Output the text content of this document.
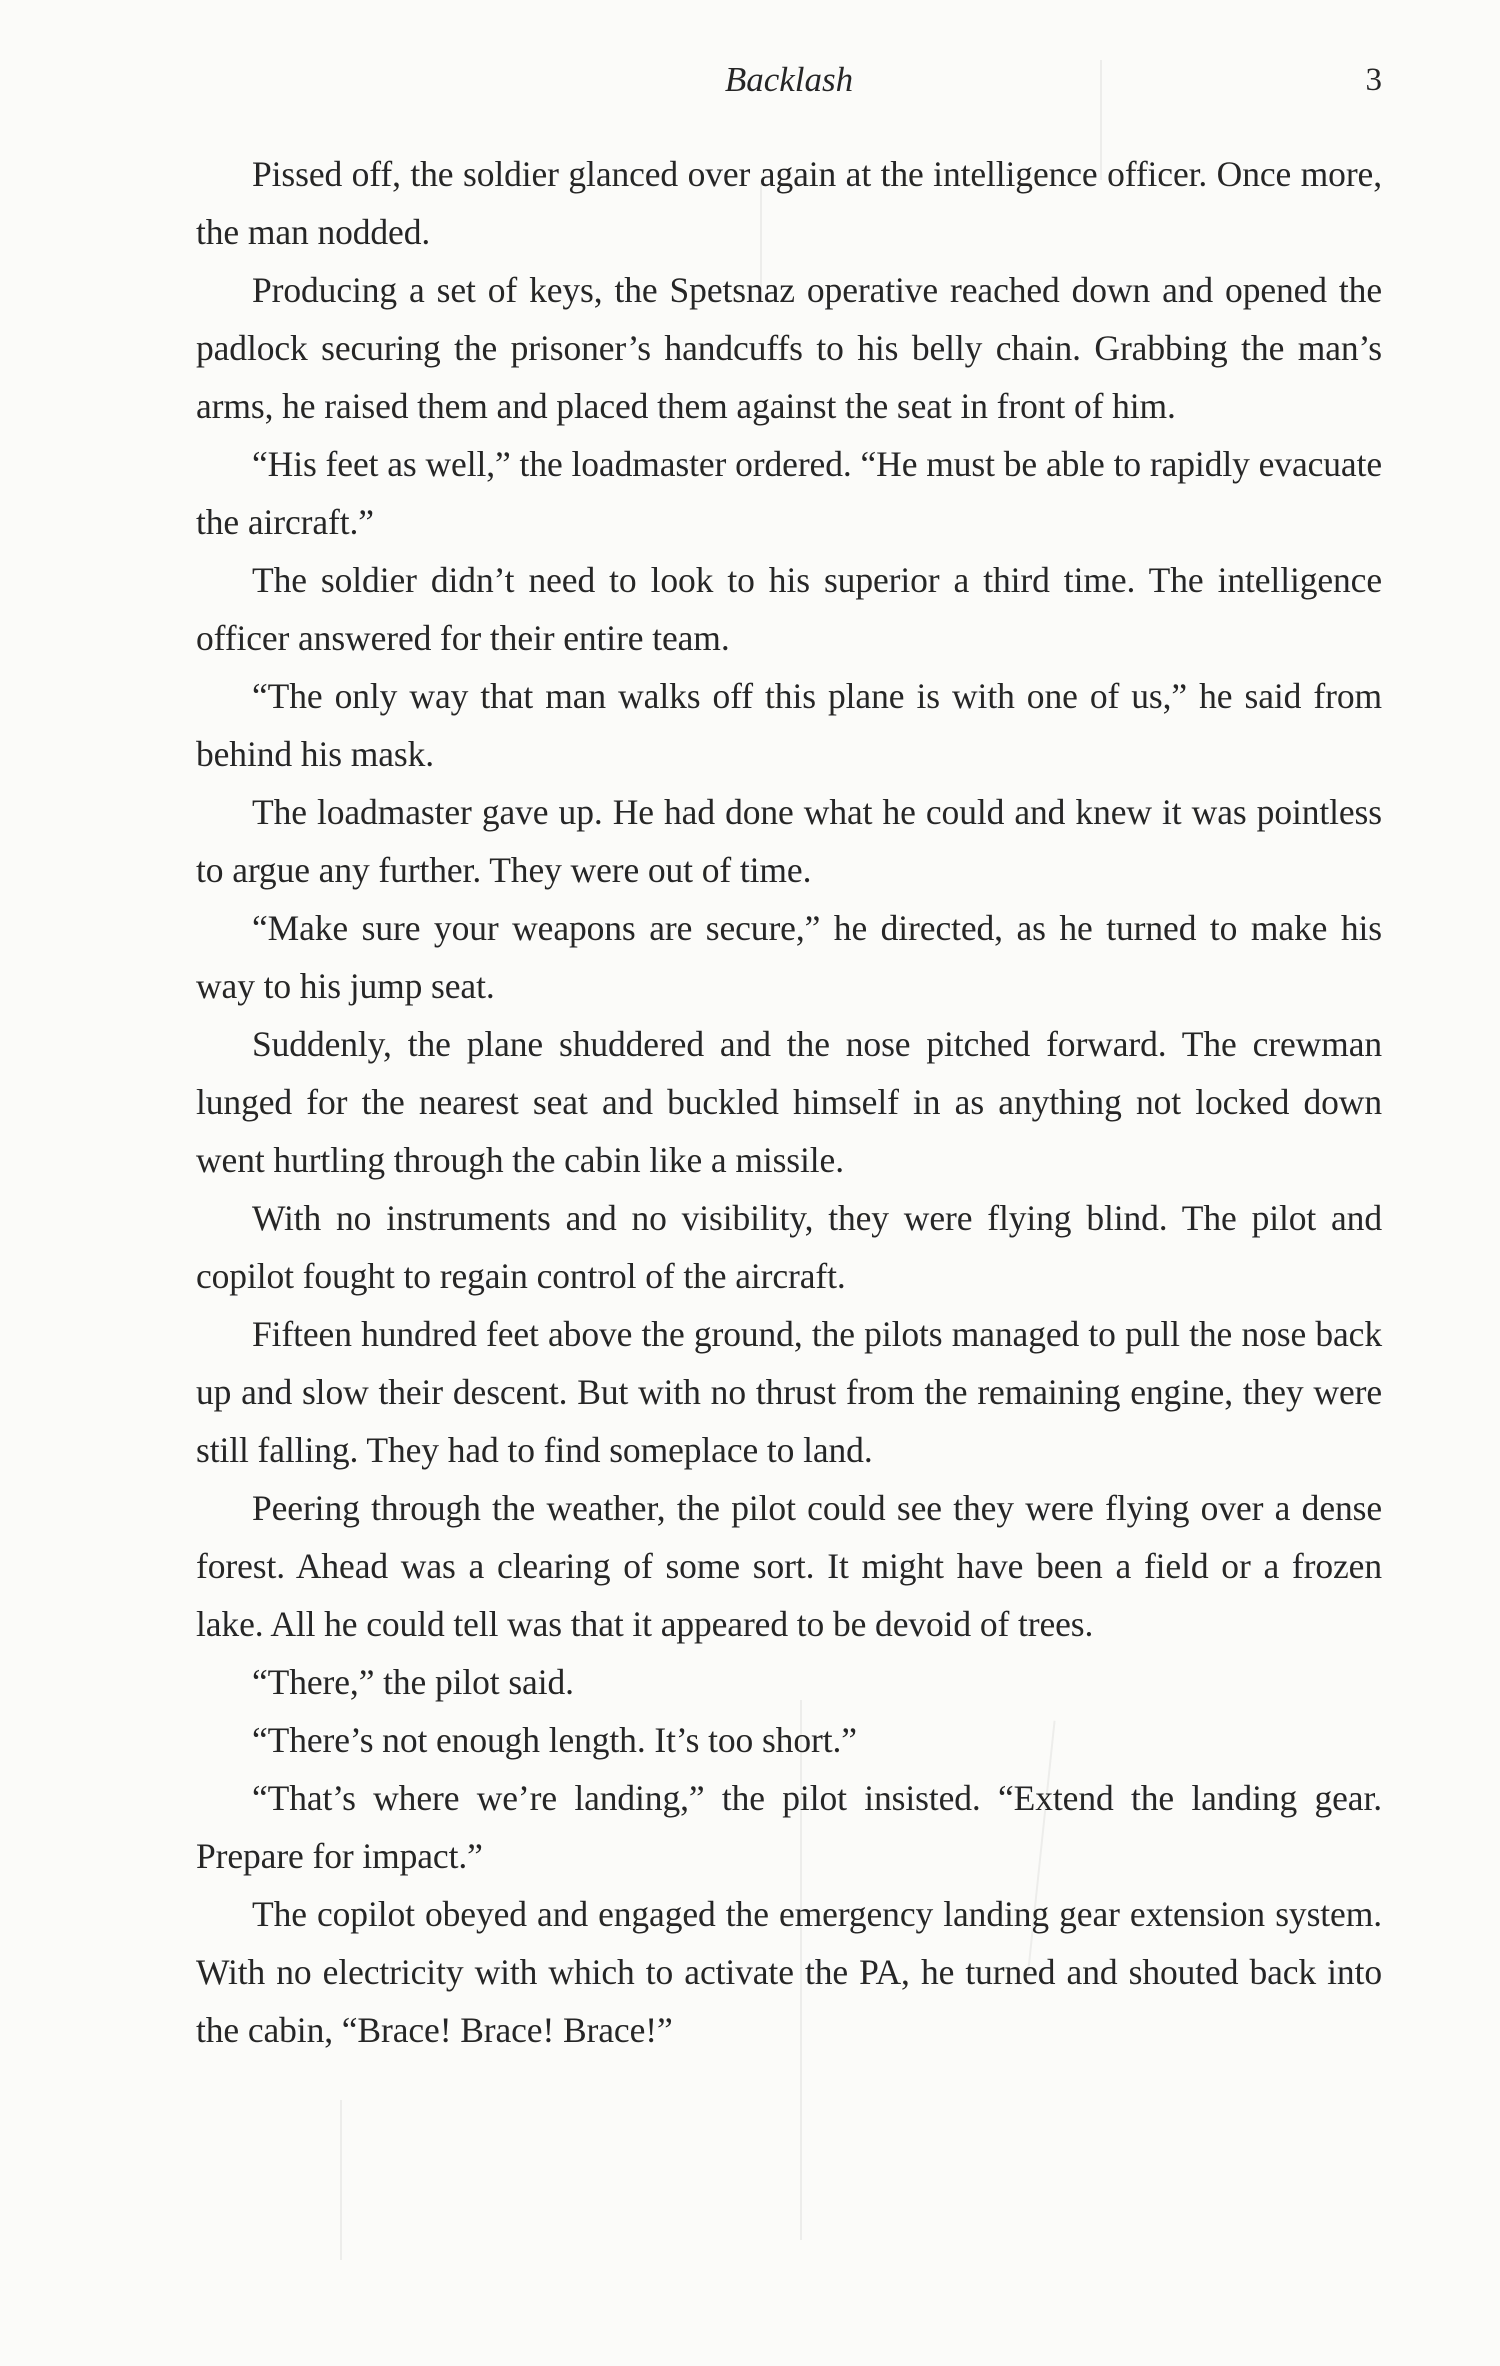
Backlash	3

Pissed off, the soldier glanced over again at the intelligence officer. Once more, the man nodded.

Producing a set of keys, the Spetsnaz operative reached down and opened the padlock securing the prisoner’s handcuffs to his belly chain. Grabbing the man’s arms, he raised them and placed them against the seat in front of him.

“His feet as well,” the loadmaster ordered. “He must be able to rapidly evacuate the aircraft.”

The soldier didn’t need to look to his superior a third time. The intelligence officer answered for their entire team.

“The only way that man walks off this plane is with one of us,” he said from behind his mask.

The loadmaster gave up. He had done what he could and knew it was pointless to argue any further. They were out of time.

“Make sure your weapons are secure,” he directed, as he turned to make his way to his jump seat.

Suddenly, the plane shuddered and the nose pitched forward. The crewman lunged for the nearest seat and buckled himself in as anything not locked down went hurtling through the cabin like a missile.

With no instruments and no visibility, they were flying blind. The pilot and copilot fought to regain control of the aircraft.

Fifteen hundred feet above the ground, the pilots managed to pull the nose back up and slow their descent. But with no thrust from the remaining engine, they were still falling. They had to find someplace to land.

Peering through the weather, the pilot could see they were flying over a dense forest. Ahead was a clearing of some sort. It might have been a field or a frozen lake. All he could tell was that it appeared to be devoid of trees.

“There,” the pilot said.

“There’s not enough length. It’s too short.”

“That’s where we’re landing,” the pilot insisted. “Extend the landing gear. Prepare for impact.”

The copilot obeyed and engaged the emergency landing gear extension system. With no electricity with which to activate the PA, he turned and shouted back into the cabin, “Brace! Brace! Brace!”
